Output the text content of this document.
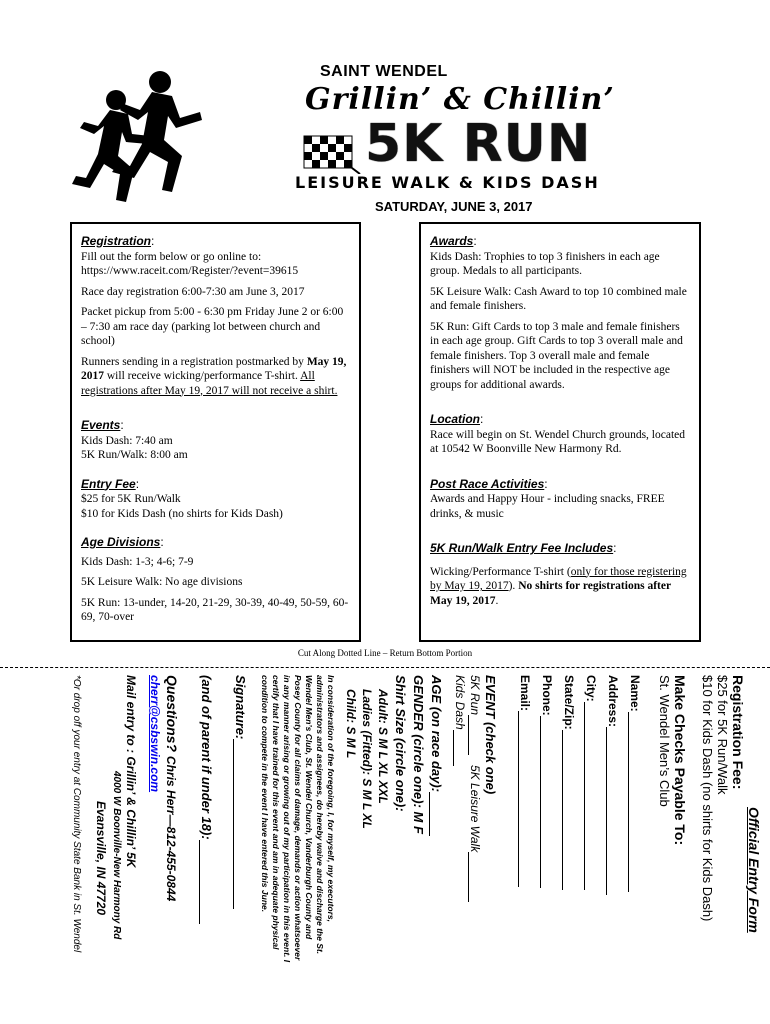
SAINT WENDEL
Grillin’ & Chillin’
5K RUN
LEISURE WALK & KIDS DASH
SATURDAY, JUNE 3, 2017
Registration:

Fill out the form below or go online to: https://www.raceit.com/Register/?event=39615

Race day registration 6:00-7:30 am June 3, 2017

Packet pickup from 5:00 - 6:30 pm Friday June 2 or 6:00 – 7:30 am race day (parking lot between church and school)

Runners sending in a registration postmarked by May 19, 2017 will receive wicking/performance T-shirt. All registrations after May 19, 2017 will not receive a shirt.

Events:
Kids Dash: 7:40 am
5K Run/Walk: 8:00 am
Entry Fee:
$25 for 5K Run/Walk
$10 for Kids Dash (no shirts for Kids Dash)
Age Divisions:

Kids Dash: 1-3; 4-6; 7-9

5K Leisure Walk: No age divisions

5K Run: 13-under, 14-20, 21-29, 30-39, 40-49, 50-59, 60-69, 70-over

Awards:

Kids Dash: Trophies to top 3 finishers in each age group. Medals to all participants.

5K Leisure Walk: Cash Award to top 10 combined male and female finishers.

5K Run: Gift Cards to top 3 male and female finishers in each age group. Gift Cards to top 3 overall male and female finishers. Top 3 overall male and female finishers will NOT be included in the respective age groups for additional awards.

Location:

Race will begin on St. Wendel Church grounds, located at 10542 W Boonville New Harmony Rd.

Post Race Activities:

Awards and Happy Hour - including snacks, FREE drinks, & music

5K Run/Walk Entry Fee Includes:

Wicking/Performance T-shirt (only for those registering by May 19, 2017). No shirts for registrations after May 19, 2017.

Cut Along Dotted Line – Return Bottom Portion
Official Entry Form
Registration Fee:
$25 for 5K Run/Walk
$10 for Kids Dash (no shirts for Kids Dash)
Make Checks Payable To:
St. Wendel Men’s Club
Name:
Address:
City:
State/Zip:
Phone:
Email:
EVENT (check one)
5K Run   5K Leisure Walk
Kids Dash
AGE (on race day):
GENDER (circle one): M F
Shirt Size (circle one):
Adult: S M L XL XXL
Ladies (Fitted): S M L XL
Child: S M L
In consideration of the foregoing, I, for myself, my executors, administrators and assignees, do hereby waive and discharge the St. Wendel Men’s Club, St. Wendel Church, Vanderburgh County and Posey County for all claims of damage, demands or action whatsoever in any manner arising or growing out of my participation in this event. I certify that I have trained for this event and am in adequate physical condition to compete in the event I have entered this June.
Signature:
(and of parent if under 18):
Questions? Chris Herr—812-455-0844
cherr@csbswin.com
Mail entry to : Grillin’ & Chillin’ 5K
4000 W Boonville-New Harmony Rd
Evansville, IN 47720
*Or drop off your entry at Community State Bank in St. Wendel
